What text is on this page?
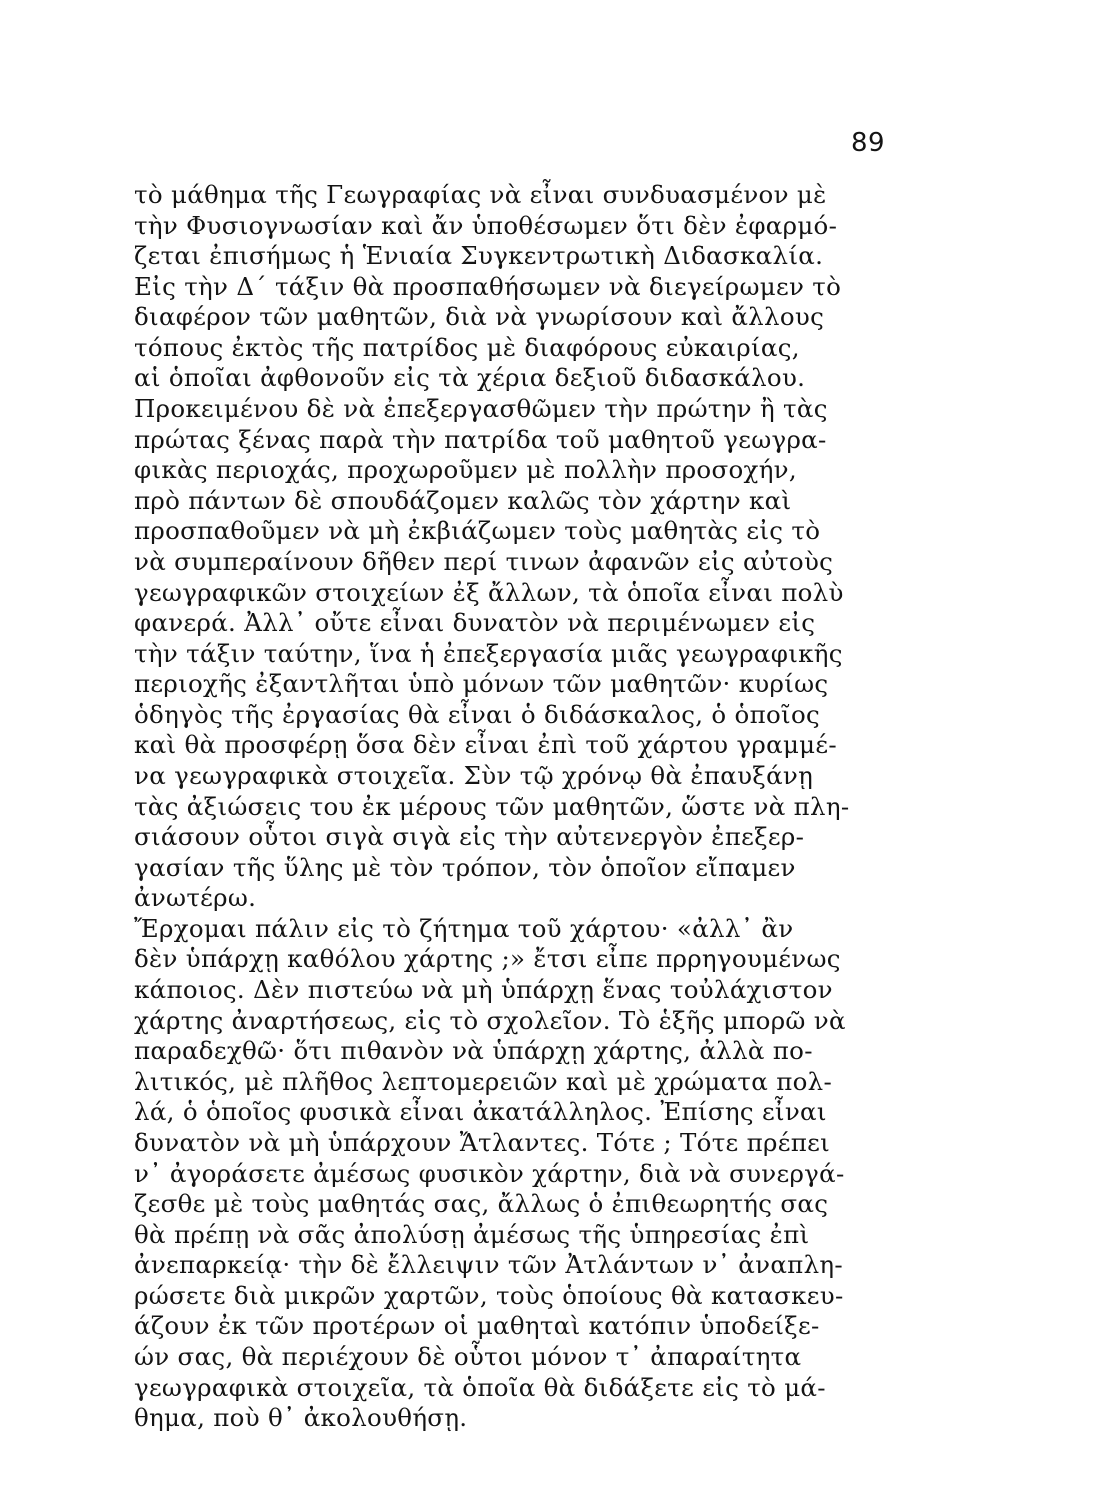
89
τὸ μάθημα τῆς Γεωγραφίας νὰ εἶναι συνδυασμένον μὲ
τὴν Φυσιογνωσίαν καὶ ἄν ὑποθέσωμεν ὅτι δὲν ἐφαρμό-
ζεται ἐπισήμως ἡ Ἑνιαία Συγκεντρωτικὴ Διδασκαλία.
Εἰς τὴν Δ΄ τάξιν θὰ προσπαθήσωμεν νὰ διεγείρωμεν τὸ
διαφέρον τῶν μαθητῶν, διὰ νὰ γνωρίσουν καὶ ἄλλους
τόπους ἐκτὸς τῆς πατρίδος μὲ διαφόρους εὐκαιρίας,
αἱ ὁποῖαι ἀφθονοῦν εἰς τὰ χέρια δεξιοῦ διδασκάλου.
Προκειμένου δὲ νὰ ἐπεξεργασθῶμεν τὴν πρώτην ἢ τὰς
πρώτας ξένας παρὰ τὴν πατρίδα τοῦ μαθητοῦ γεωγρα-
φικὰς περιοχάς, προχωροῦμεν μὲ πολλὴν προσοχήν,
πρὸ πάντων δὲ σπουδάζομεν καλῶς τὸν χάρτην καὶ
προσπαθοῦμεν νὰ μὴ ἐκβιάζωμεν τοὺς μαθητὰς εἰς τὸ
νὰ συμπεραίνουν δῆθεν περί τινων ἀφανῶν εἰς αὐτοὺς
γεωγραφικῶν στοιχείων ἐξ ἄλλων, τὰ ὁποῖα εἶναι πολὺ
φανερά. Ἀλλ᾽ οὔτε εἶναι δυνατὸν νὰ περιμένωμεν εἰς
τὴν τάξιν ταύτην, ἵνα ἡ ἐπεξεργασία μιᾶς γεωγραφικῆς
περιοχῆς ἐξαντλῆται ὑπὸ μόνων τῶν μαθητῶν· κυρίως
ὁδηγὸς τῆς ἐργασίας θὰ εἶναι ὁ διδάσκαλος, ὁ ὁποῖος
καὶ θὰ προσφέρῃ ὅσα δὲν εἶναι ἐπὶ τοῦ χάρτου γραμμέ-
να γεωγραφικὰ στοιχεῖα. Σὺν τῷ χρόνῳ θὰ ἐπαυξάνῃ
τὰς ἀξιώσεις του ἐκ μέρους τῶν μαθητῶν, ὥστε νὰ πλη-
σιάσουν οὗτοι σιγὰ σιγὰ εἰς τὴν αὐτενεργὸν ἐπεξερ-
γασίαν τῆς ὕλης μὲ τὸν τρόπον, τὸν ὁποῖον εἴπαμεν
ἀνωτέρω.
Ἔρχομαι πάλιν εἰς τὸ ζήτημα τοῦ χάρτου· «ἀλλ᾽ ἂν
δὲν ὑπάρχῃ καθόλου χάρτης ;» ἔτσι εἶπε πρρηγουμένως
κάποιος. Δὲν πιστεύω νὰ μὴ ὑπάρχῃ ἕνας τοὐλάχιστον
χάρτης ἀναρτήσεως, εἰς τὸ σχολεῖον. Τὸ ἑξῆς μπορῶ νὰ
παραδεχθῶ· ὅτι πιθανὸν νὰ ὑπάρχῃ χάρτης, ἀλλὰ πο-
λιτικός, μὲ πλῆθος λεπτομερειῶν καὶ μὲ χρώματα πολ-
λά, ὁ ὁποῖος φυσικὰ εἶναι ἀκατάλληλος. Ἐπίσης εἶναι
δυνατὸν νὰ μὴ ὑπάρχουν Ἄτλαντες. Τότε ; Τότε πρέπει
ν᾽ ἀγοράσετε ἀμέσως φυσικὸν χάρτην, διὰ νὰ συνεργά-
ζεσθε μὲ τοὺς μαθητάς σας, ἄλλως ὁ ἐπιθεωρητής σας
θὰ πρέπῃ νὰ σᾶς ἀπολύσῃ ἀμέσως τῆς ὑπηρεσίας ἐπὶ
ἀνεπαρκείᾳ· τὴν δὲ ἔλλειψιν τῶν Ἀτλάντων ν᾽ ἀναπλη-
ρώσετε διὰ μικρῶν χαρτῶν, τοὺς ὁποίους θὰ κατασκευ-
άζουν ἐκ τῶν προτέρων οἱ μαθηταὶ κατόπιν ὑποδείξε-
ών σας, θὰ περιέχουν δὲ οὗτοι μόνον τ᾽ ἀπαραίτητα
γεωγραφικὰ στοιχεῖα, τὰ ὁποῖα θὰ διδάξετε εἰς τὸ μά-
θημα, ποὺ θ᾽ ἀκολουθήσῃ.
